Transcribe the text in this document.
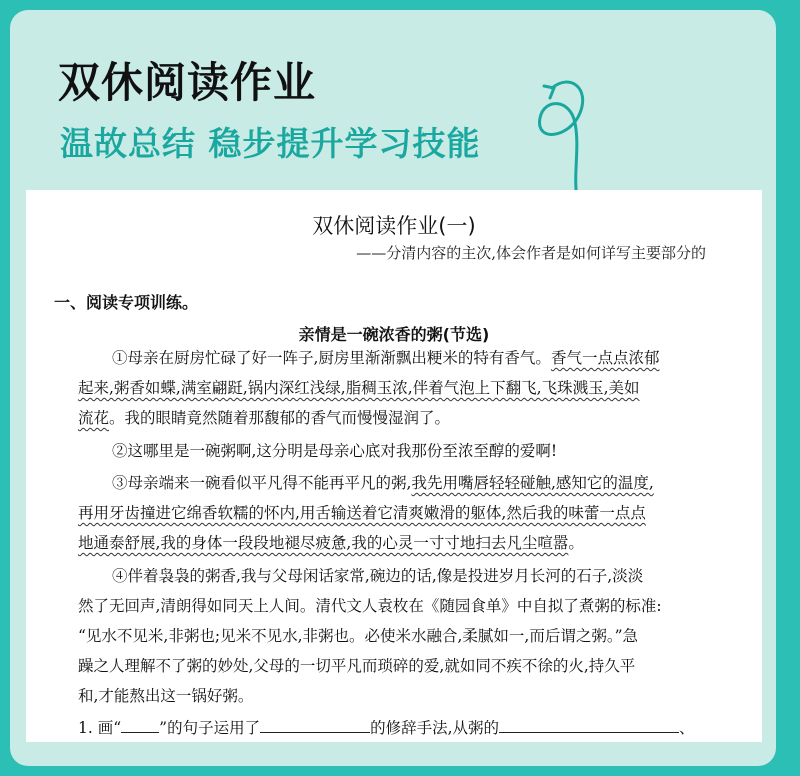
双休阅读作业
温故总结 稳步提升学习技能
双休阅读作业(一)
——分清内容的主次,体会作者是如何详写主要部分的
一、阅读专项训练。
亲情是一碗浓香的粥(节选)
①母亲在厨房忙碌了好一阵子,厨房里渐渐飘出粳米的特有香气。香气一点点浓郁
起来,粥香如蝶,满室翩跹,锅内深红浅绿,脂稠玉浓,伴着气泡上下翻飞,飞珠溅玉,美如
流花。我的眼睛竟然随着那馥郁的香气而慢慢湿润了。
②这哪里是一碗粥啊,这分明是母亲心底对我那份至浓至醇的爱啊!
③母亲端来一碗看似平凡得不能再平凡的粥,我先用嘴唇轻轻碰触,感知它的温度,
再用牙齿撞进它绵香软糯的怀内,用舌输送着它清爽嫩滑的躯体,然后我的味蕾一点点
地通泰舒展,我的身体一段段地褪尽疲惫,我的心灵一寸寸地扫去凡尘喧嚣。
④伴着袅袅的粥香,我与父母闲话家常,碗边的话,像是投进岁月长河的石子,淡淡
然了无回声,清朗得如同天上人间。清代文人袁枚在《随园食单》中自拟了煮粥的标准:
“见水不见米,非粥也;见米不见水,非粥也。必使米水融合,柔腻如一,而后谓之粥。”急
躁之人理解不了粥的妙处,父母的一切平凡而琐碎的爱,就如同不疾不徐的火,持久平
和,才能熬出这一锅好粥。
1. 画“ ”的句子运用了	的修辞手法,从粥的	、
